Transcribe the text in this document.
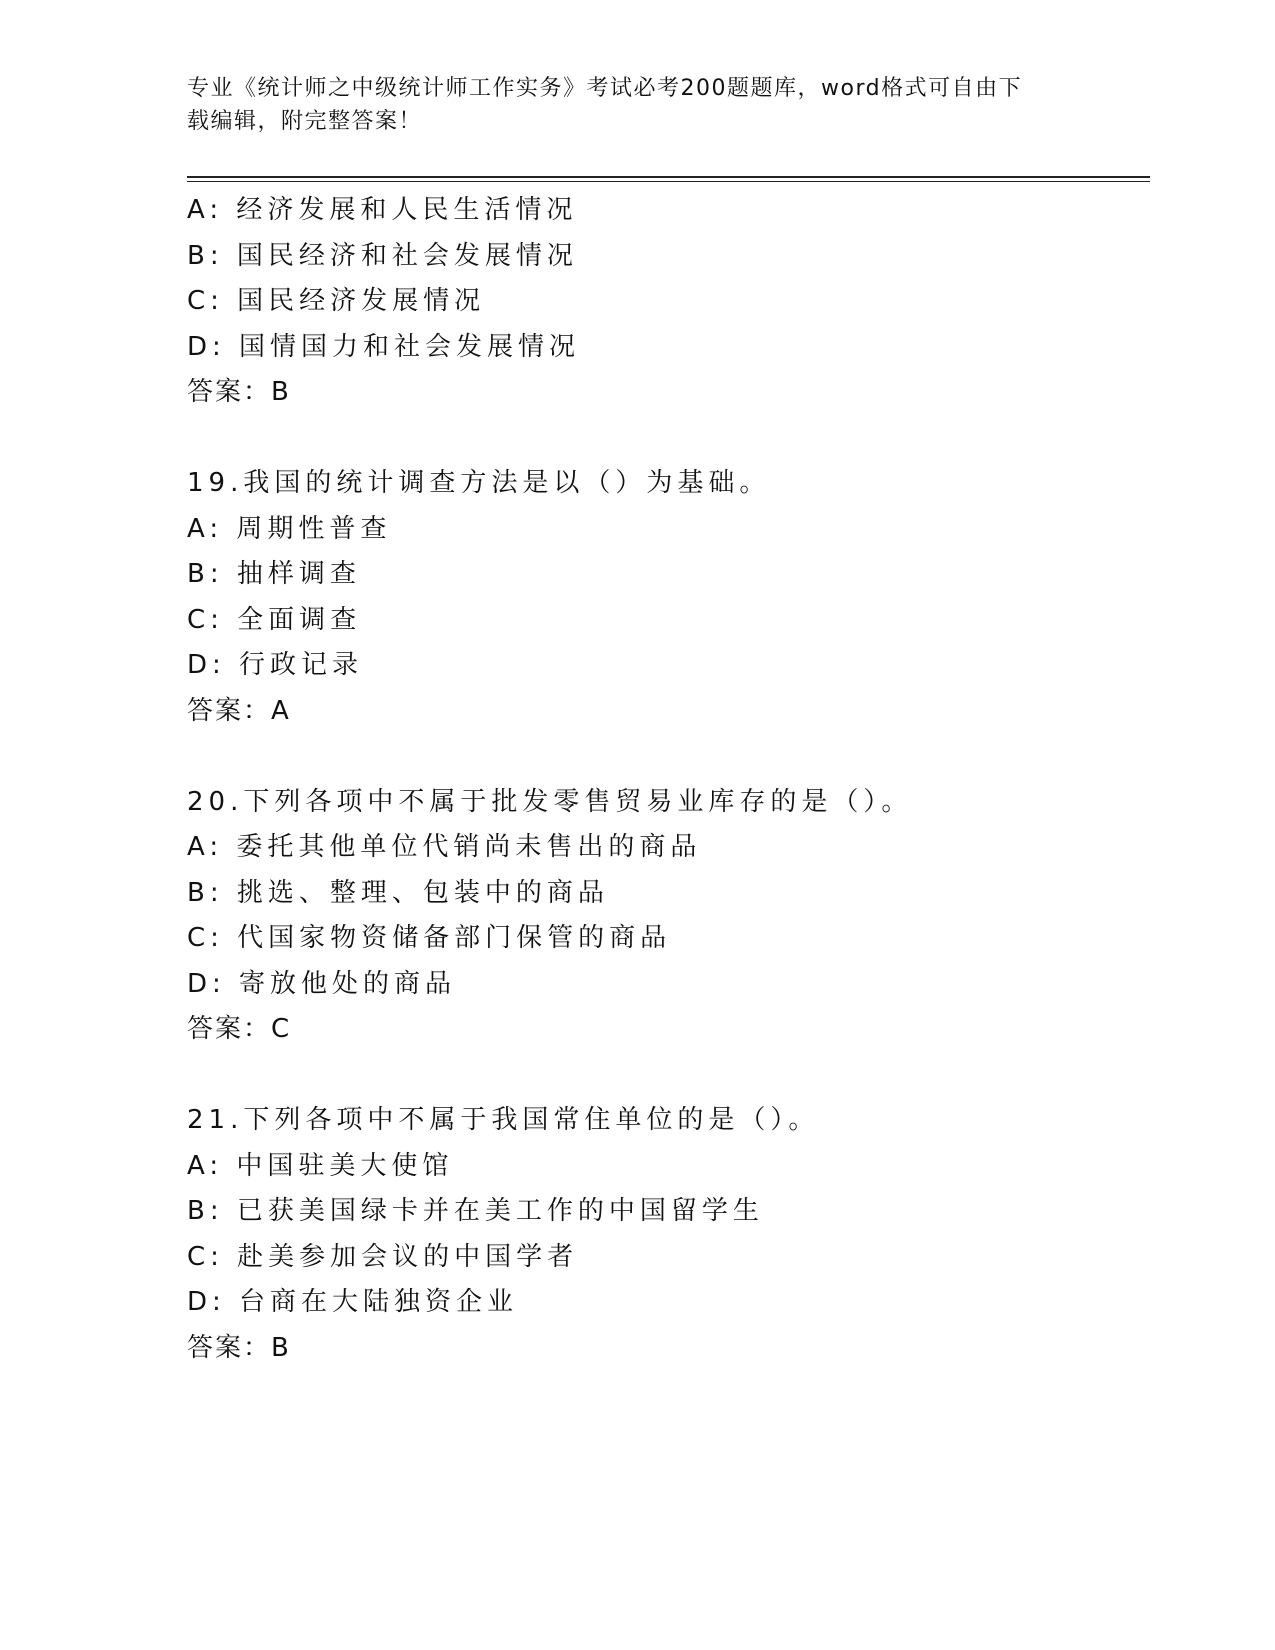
专业《统计师之中级统计师工作实务》考试必考200题题库，word格式可自由下
载编辑，附完整答案！
A: 经济发展和人民生活情况
B: 国民经济和社会发展情况
C: 国民经济发展情况
D: 国情国力和社会发展情况
答案：B
19.我国的统计调查方法是以（）为基础。
A: 周期性普查
B: 抽样调查
C: 全面调查
D: 行政记录
答案：A
20.下列各项中不属于批发零售贸易业库存的是（）。
A: 委托其他单位代销尚未售出的商品
B: 挑选、整理、包装中的商品
C: 代国家物资储备部门保管的商品
D: 寄放他处的商品
答案：C
21.下列各项中不属于我国常住单位的是（）。
A: 中国驻美大使馆
B: 已获美国绿卡并在美工作的中国留学生
C: 赴美参加会议的中国学者
D: 台商在大陆独资企业
答案：B
